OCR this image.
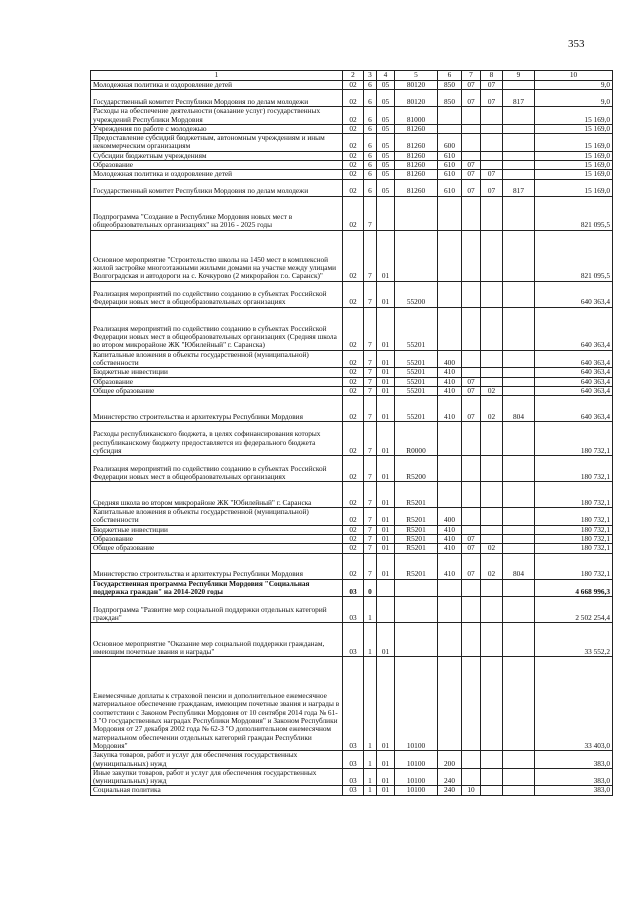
353
1	2	3	4	5	6	7	8	9	10
Молодежная политика и оздоровление детей	02	6	05	80120	850	07	07		9,0
Государственный комитет Республики Мордовия по делам молодежи	02	6	05	80120	850	07	07	817	9,0
Расходы на обеспечение деятельности (оказание услуг) государственных учреждений Республики Мордовия	02	6	05	81000					15 169,0
Учреждения по работе с молодежью	02	6	05	81260					15 169,0
Предоставление субсидий бюджетным, автономным учреждениям и иным некоммерческим организациям	02	6	05	81260	600				15 169,0
Субсидии бюджетным учреждениям	02	6	05	81260	610				15 169,0
Образование	02	6	05	81260	610	07			15 169,0
Молодежная политика и оздоровление детей	02	6	05	81260	610	07	07		15 169,0
Государственный комитет Республики Мордовия по делам молодежи	02	6	05	81260	610	07	07	817	15 169,0
Подпрограмма "Создание в Республике Мордовия новых мест в общеобразовательных организациях" на 2016 - 2025 годы	02	7							821 095,5
Основное мероприятие "Строительство школы на 1450 мест в комплексной жилой застройке многоэтажными жилыми домами на участке между улицами Волгоградская и автодороги на с. Кочкурово (2 микрорайон г.о. Саранск)"	02	7	01						821 095,5
Реализация мероприятий по содействию созданию в субъектах Российской Федерации новых мест в общеобразовательных организациях	02	7	01	55200					640 363,4
Реализация мероприятий по содействию созданию в субъектах Российской Федерации новых мест в общеобразовательных организациях (Средняя школа во втором микрорайоне ЖК "Юбилейный" г. Саранска)	02	7	01	55201					640 363,4
Капитальные вложения в объекты государственной (муниципальной) собственности	02	7	01	55201	400				640 363,4
Бюджетные инвестиции	02	7	01	55201	410				640 363,4
Образование	02	7	01	55201	410	07			640 363,4
Общее образование	02	7	01	55201	410	07	02		640 363,4
Министерство строительства и архитектуры Республики Мордовия	02	7	01	55201	410	07	02	804	640 363,4
Расходы республиканского бюджета, в целях софинансирования которых республиканскому бюджету предоставляется из федерального бюджета субсидия	02	7	01	R0000					180 732,1
Реализация мероприятий по содействию созданию в субъектах Российской Федерации новых мест в общеобразовательных организациях	02	7	01	R5200					180 732,1
Средняя школа во втором микрорайоне ЖК "Юбилейный" г. Саранска	02	7	01	R5201					180 732,1
Капитальные вложения в объекты государственной (муниципальной) собственности	02	7	01	R5201	400				180 732,1
Бюджетные инвестиции	02	7	01	R5201	410				180 732,1
Образование	02	7	01	R5201	410	07			180 732,1
Общее образование	02	7	01	R5201	410	07	02		180 732,1
Министерство строительства и архитектуры Республики Мордовия	02	7	01	R5201	410	07	02	804	180 732,1
Государственная программа Республики Мордовия "Социальная поддержка граждан" на 2014-2020 годы	03	0							4 668 996,3
Подпрограмма "Развитие мер социальной поддержки отдельных категорий граждан"	03	1							2 502 254,4
Основное мероприятие "Оказание мер социальной поддержки гражданам, имеющим почетные звания и награды"	03	1	01						33 552,2
Ежемесячные доплаты к страховой пенсии и дополнительное ежемесячное материальное обеспечение гражданам, имеющим почетные звания и награды в соответствии с Законом Республики Мордовия от 10 сентября 2014 года № 61-З "О государственных наградах Республики Мордовия" и Законом Республики Мордовия от 27 декабря 2002 года № 62-З "О дополнительном ежемесячном материальном обеспечении отдельных категорий граждан Республики Мордовия"	03	1	01	10100					33 403,0
Закупка товаров, работ и услуг для обеспечения государственных (муниципальных) нужд	03	1	01	10100	200				383,0
Иные закупки товаров, работ и услуг для обеспечения государственных (муниципальных) нужд	03	1	01	10100	240				383,0
Социальная политика	03	1	01	10100	240	10			383,0
